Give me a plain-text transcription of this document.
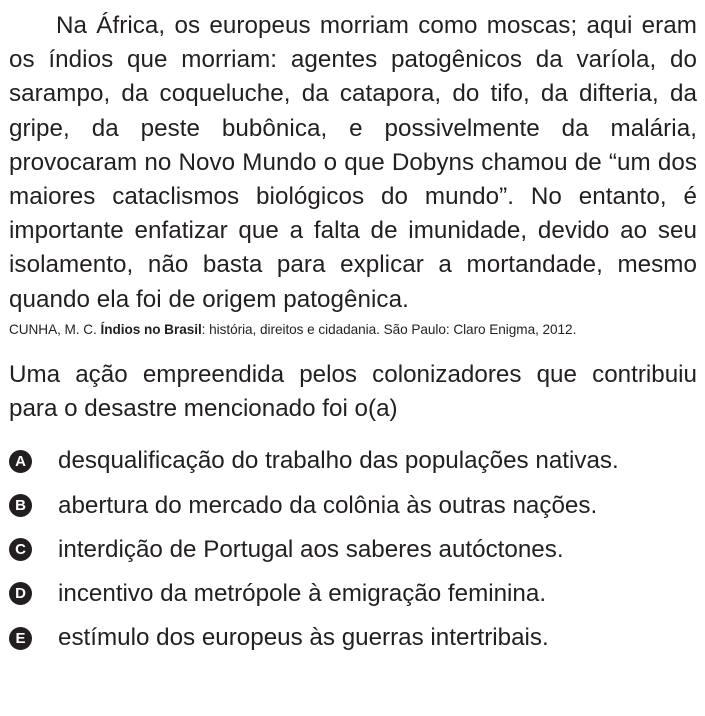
Na África, os europeus morriam como moscas; aqui eram os índios que morriam: agentes patogênicos da varíola, do sarampo, da coqueluche, da catapora, do tifo, da difteria, da gripe, da peste bubônica, e possivelmente da malária, provocaram no Novo Mundo o que Dobyns chamou de “um dos maiores cataclismos biológicos do mundo”. No entanto, é importante enfatizar que a falta de imunidade, devido ao seu isolamento, não basta para explicar a mortandade, mesmo quando ela foi de origem patogênica.

CUNHA, M. C. Índios no Brasil: história, direitos e cidadania. São Paulo: Claro Enigma, 2012.

Uma ação empreendida pelos colonizadores que contribuiu para o desastre mencionado foi o(a)

A desqualificação do trabalho das populações nativas.
B abertura do mercado da colônia às outras nações.
C interdição de Portugal aos saberes autóctones.
D incentivo da metrópole à emigração feminina.
E estímulo dos europeus às guerras intertribais.
